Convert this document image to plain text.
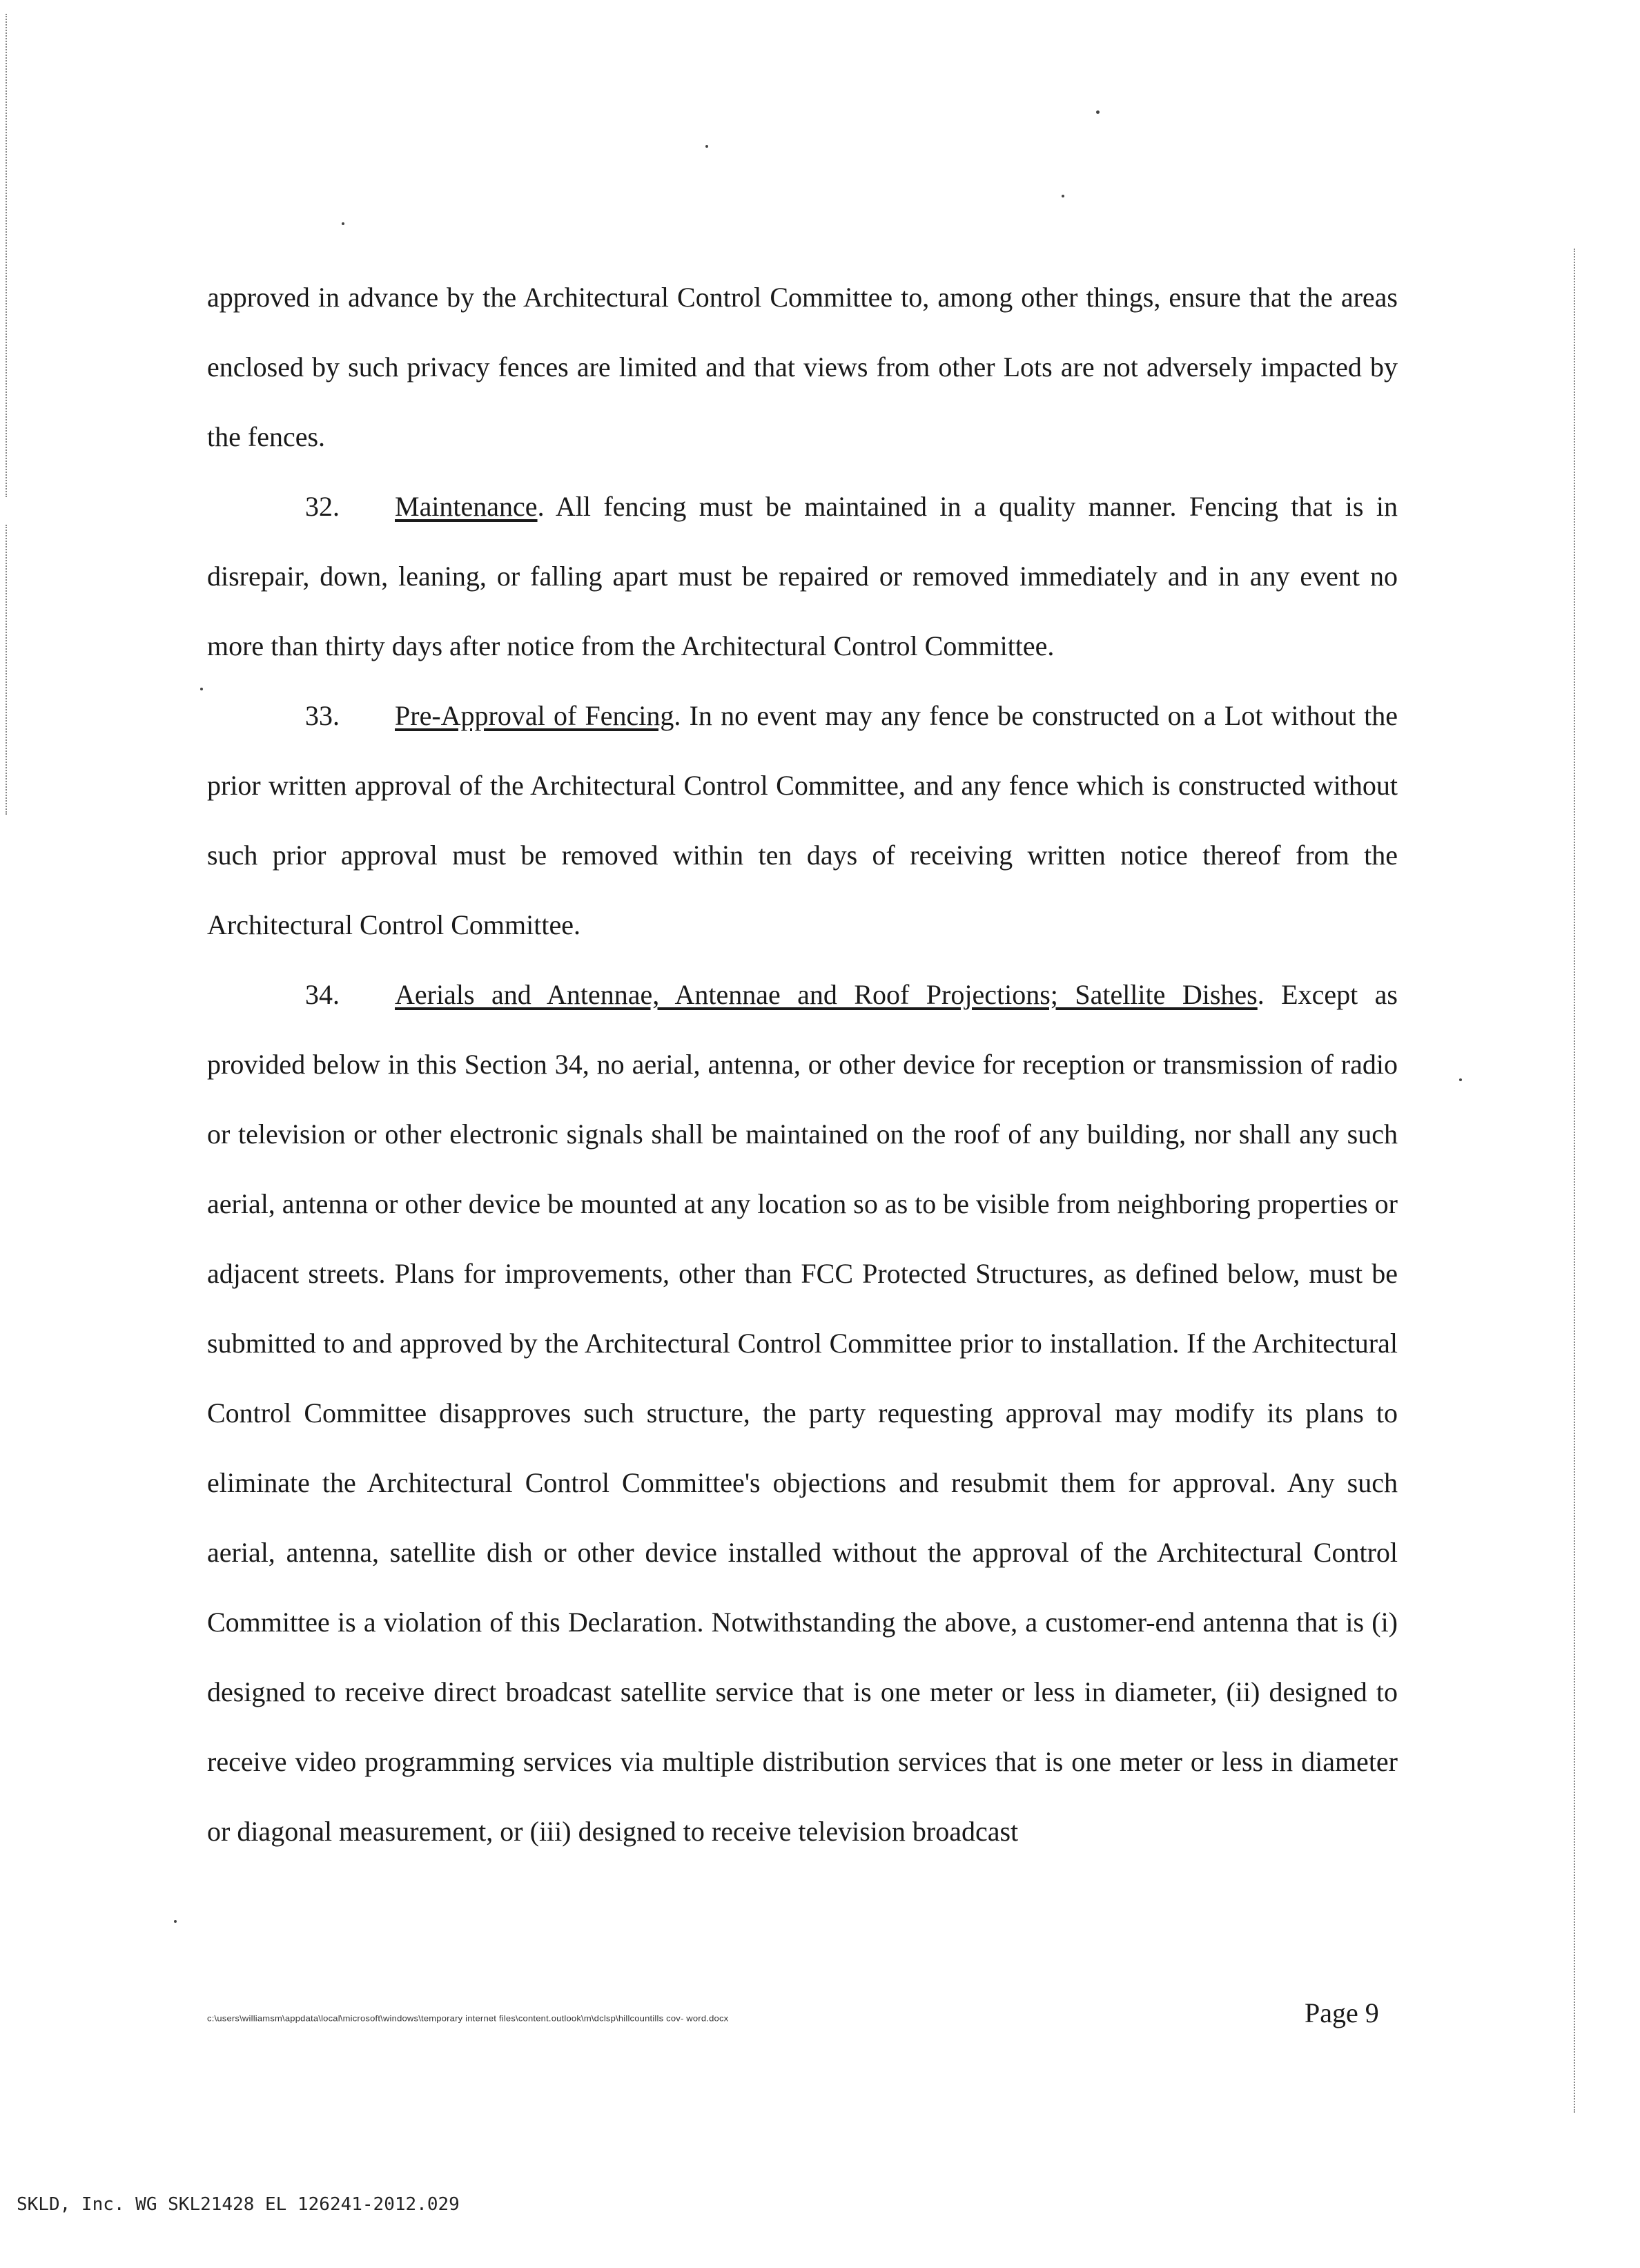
approved in advance by the Architectural Control Committee to, among other things, ensure that the areas enclosed by such privacy fences are limited and that views from other Lots are not adversely impacted by the fences.

32. Maintenance. All fencing must be maintained in a quality manner. Fencing that is in disrepair, down, leaning, or falling apart must be repaired or removed immediately and in any event no more than thirty days after notice from the Architectural Control Committee.

33. Pre-Approval of Fencing. In no event may any fence be constructed on a Lot without the prior written approval of the Architectural Control Committee, and any fence which is constructed without such prior approval must be removed within ten days of receiving written notice thereof from the Architectural Control Committee.

34. Aerials and Antennae, Antennae and Roof Projections; Satellite Dishes. Except as provided below in this Section 34, no aerial, antenna, or other device for reception or transmission of radio or television or other electronic signals shall be maintained on the roof of any building, nor shall any such aerial, antenna or other device be mounted at any location so as to be visible from neighboring properties or adjacent streets. Plans for improvements, other than FCC Protected Structures, as defined below, must be submitted to and approved by the Architectural Control Committee prior to installation. If the Architectural Control Committee disapproves such structure, the party requesting approval may modify its plans to eliminate the Architectural Control Committee's objections and resubmit them for approval. Any such aerial, antenna, satellite dish or other device installed without the approval of the Architectural Control Committee is a violation of this Declaration. Notwithstanding the above, a customer-end antenna that is (i) designed to receive direct broadcast satellite service that is one meter or less in diameter, (ii) designed to receive video programming services via multiple distribution services that is one meter or less in diameter or diagonal measurement, or (iii) designed to receive television broadcast

c:\users\williamsm\appdata\local\microsoft\windows\temporary internet files\content.outlook\m\dclsp\hillcountills cov- word.docx	Page 9
SKLD, Inc. WG SKL21428 EL 126241-2012.029
